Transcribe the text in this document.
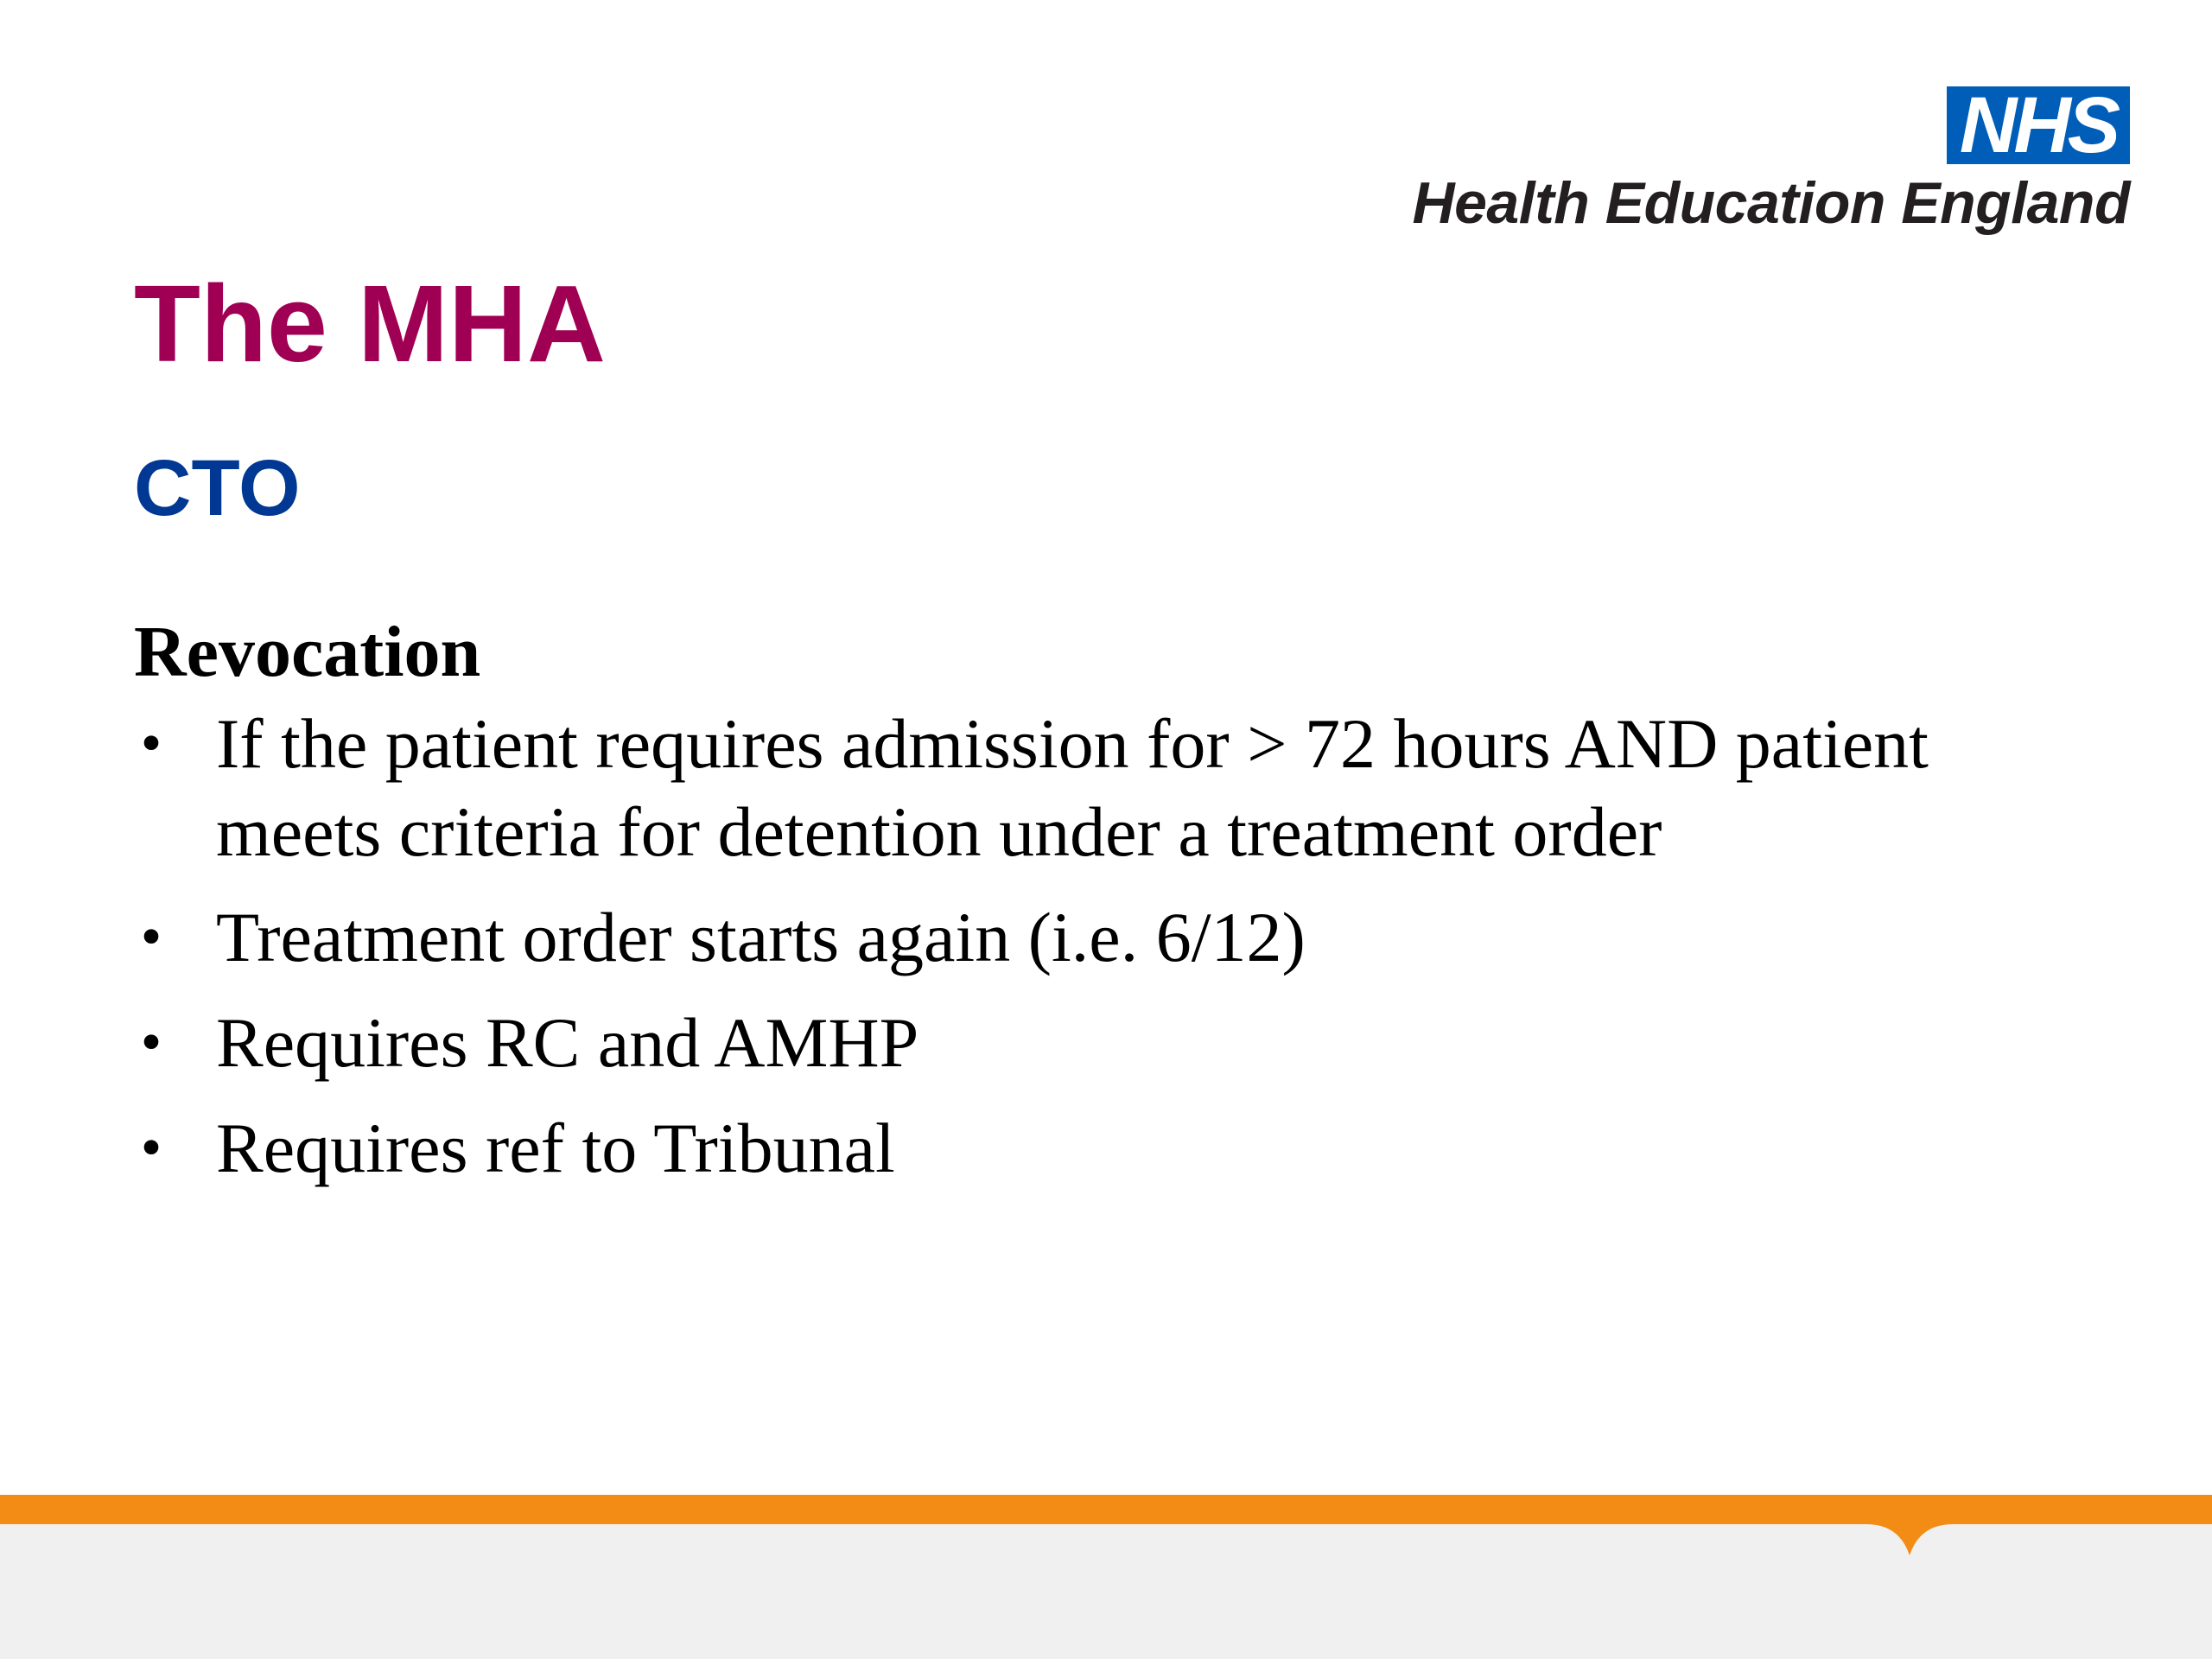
NHS
Health Education England
The MHA
CTO
Revocation
• If the patient requires admission for > 72 hours AND patient meets criteria for detention under a treatment order
• Treatment order starts again (i.e. 6/12)
• Requires RC and AMHP
• Requires ref to Tribunal
